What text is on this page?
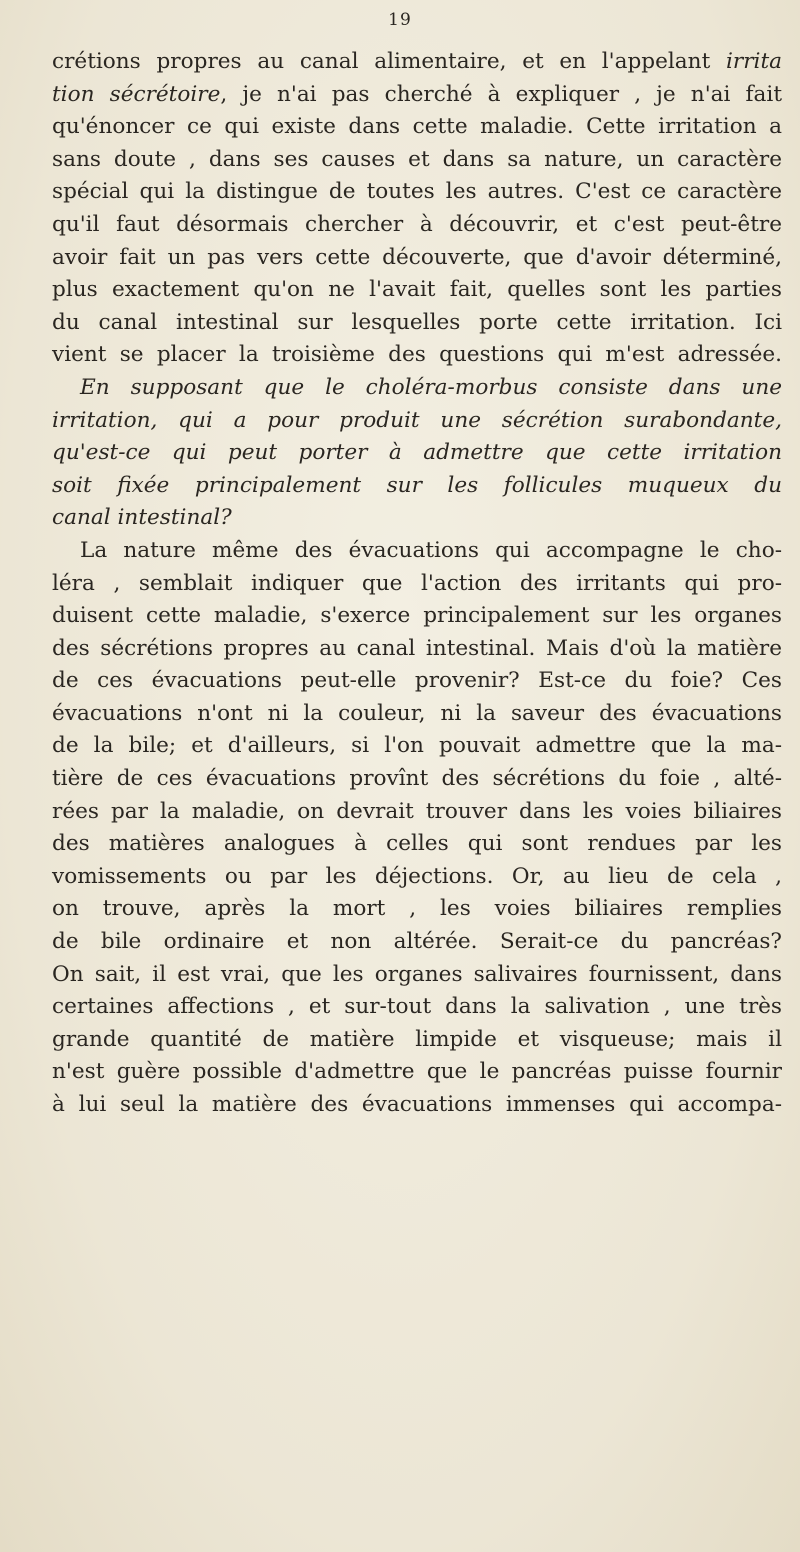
19
crétions propres au canal alimentaire, et en l'appelant irrita
tion sécrétoire, je n'ai pas cherché à expliquer , je n'ai fait
qu'énoncer ce qui existe dans cette maladie. Cette irritation a
sans doute , dans ses causes et dans sa nature, un caractère
spécial qui la distingue de toutes les autres. C'est ce caractère
qu'il faut désormais chercher à découvrir, et c'est peut-être
avoir fait un pas vers cette découverte, que d'avoir déterminé,
plus exactement qu'on ne l'avait fait, quelles sont les parties
du canal intestinal sur lesquelles porte cette irritation. Ici
vient se placer la troisième des questions qui m'est adressée.
En supposant que le choléra-morbus consiste dans une
irritation, qui a pour produit une sécrétion surabondante,
qu'est-ce qui peut porter à admettre que cette irritation
soit fixée principalement sur les follicules muqueux du
canal intestinal?
La nature même des évacuations qui accompagne le cho-
léra , semblait indiquer que l'action des irritants qui pro-
duisent cette maladie, s'exerce principalement sur les organes
des sécrétions propres au canal intestinal. Mais d'où la matière
de ces évacuations peut-elle provenir? Est-ce du foie? Ces
évacuations n'ont ni la couleur, ni la saveur des évacuations
de la bile; et d'ailleurs, si l'on pouvait admettre que la ma-
tière de ces évacuations provînt des sécrétions du foie , alté-
rées par la maladie, on devrait trouver dans les voies biliaires
des matières analogues à celles qui sont rendues par les
vomissements ou par les déjections. Or, au lieu de cela ,
on trouve, après la mort , les voies biliaires remplies
de bile ordinaire et non altérée. Serait-ce du pancréas?
On sait, il est vrai, que les organes salivaires fournissent, dans
certaines affections , et sur-tout dans la salivation , une très
grande quantité de matière limpide et visqueuse; mais il
n'est guère possible d'admettre que le pancréas puisse fournir
à lui seul la matière des évacuations immenses qui accompa-
